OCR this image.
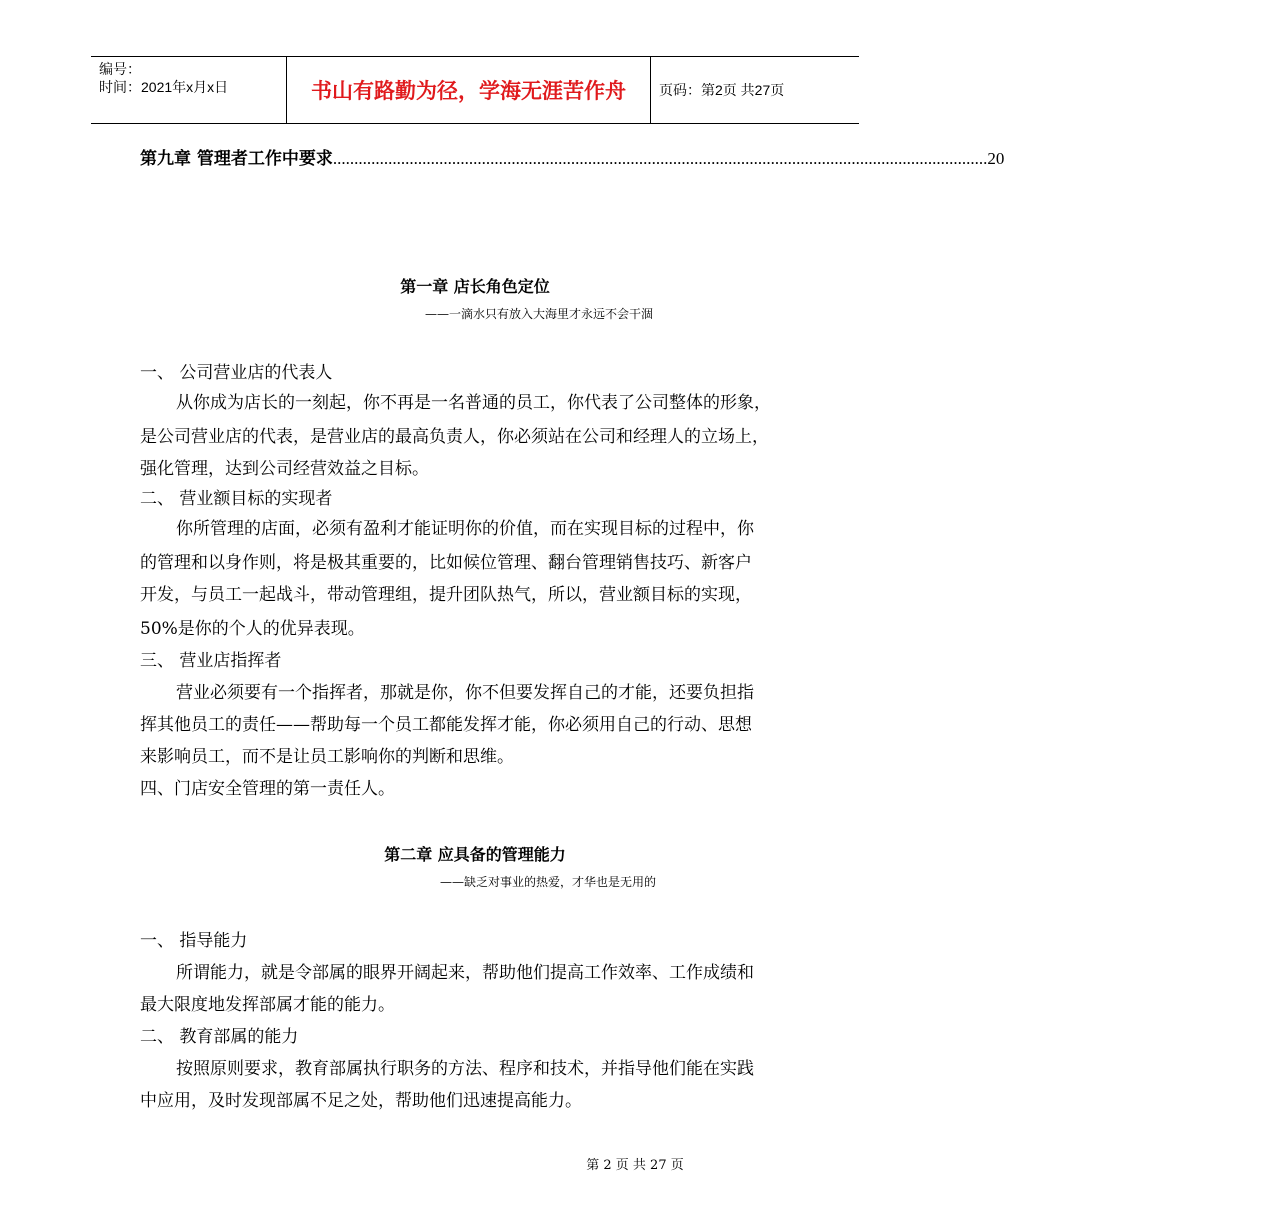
编号：
时间：2021年x月x日	书山有路勤为径，学海无涯苦作舟	页码：第2页 共27页
第九章 管理者工作中要求 .......................................................................................................................................................... 20
第一章 店长角色定位
——一滴水只有放入大海里才永远不会干涸
一、 公司营业店的代表人
从你成为店长的一刻起，你不再是一名普通的员工，你代表了公司整体的形象，
是公司营业店的代表，是营业店的最高负责人，你必须站在公司和经理人的立场上，
强化管理，达到公司经营效益之目标。
二、 营业额目标的实现者
你所管理的店面，必须有盈利才能证明你的价值，而在实现目标的过程中，你
的管理和以身作则，将是极其重要的，比如候位管理、翻台管理销售技巧、新客户
开发，与员工一起战斗，带动管理组，提升团队热气，所以，营业额目标的实现，
50%是你的个人的优异表现。
三、 营业店指挥者
营业必须要有一个指挥者，那就是你，你不但要发挥自己的才能，还要负担指
挥其他员工的责任——帮助每一个员工都能发挥才能，你必须用自己的行动、思想
来影响员工，而不是让员工影响你的判断和思维。
四、门店安全管理的第一责任人。
第二章 应具备的管理能力
——缺乏对事业的热爱，才华也是无用的
一、 指导能力
所谓能力，就是令部属的眼界开阔起来，帮助他们提高工作效率、工作成绩和
最大限度地发挥部属才能的能力。
二、 教育部属的能力
按照原则要求，教育部属执行职务的方法、程序和技术，并指导他们能在实践
中应用，及时发现部属不足之处，帮助他们迅速提高能力。
第 2 页 共 27 页
